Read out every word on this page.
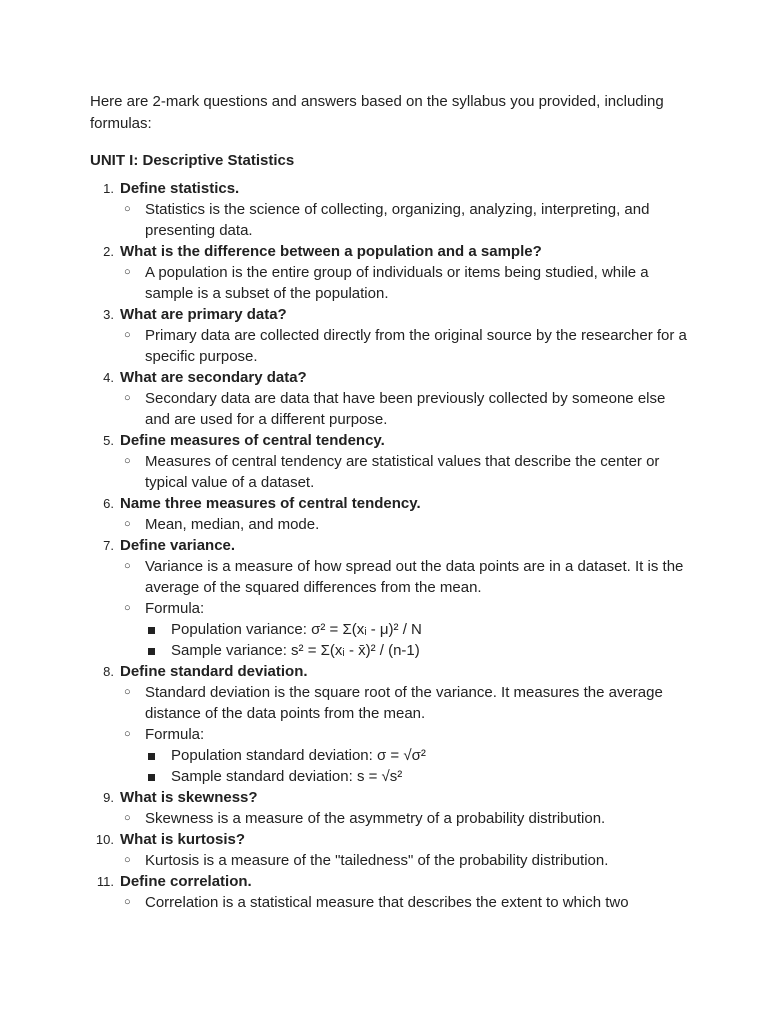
Here are 2-mark questions and answers based on the syllabus you provided, including formulas:

UNIT I: Descriptive Statistics

1. Define statistics.
○ Statistics is the science of collecting, organizing, analyzing, interpreting, and presenting data.
2. What is the difference between a population and a sample?
○ A population is the entire group of individuals or items being studied, while a sample is a subset of the population.
3. What are primary data?
○ Primary data are collected directly from the original source by the researcher for a specific purpose.
4. What are secondary data?
○ Secondary data are data that have been previously collected by someone else and are used for a different purpose.
5. Define measures of central tendency.
○ Measures of central tendency are statistical values that describe the center or typical value of a dataset.
6. Name three measures of central tendency.
○ Mean, median, and mode.
7. Define variance.
○ Variance is a measure of how spread out the data points are in a dataset. It is the average of the squared differences from the mean.
○ Formula:
Population variance: σ² = Σ(xᵢ - μ)² / N
Sample variance: s² = Σ(xᵢ - x̄)² / (n-1)
8. Define standard deviation.
○ Standard deviation is the square root of the variance. It measures the average distance of the data points from the mean.
○ Formula:
Population standard deviation: σ = √σ²
Sample standard deviation: s = √s²
9. What is skewness?
○ Skewness is a measure of the asymmetry of a probability distribution.
10. What is kurtosis?
○ Kurtosis is a measure of the "tailedness" of the probability distribution.
11. Define correlation.
○ Correlation is a statistical measure that describes the extent to which two
